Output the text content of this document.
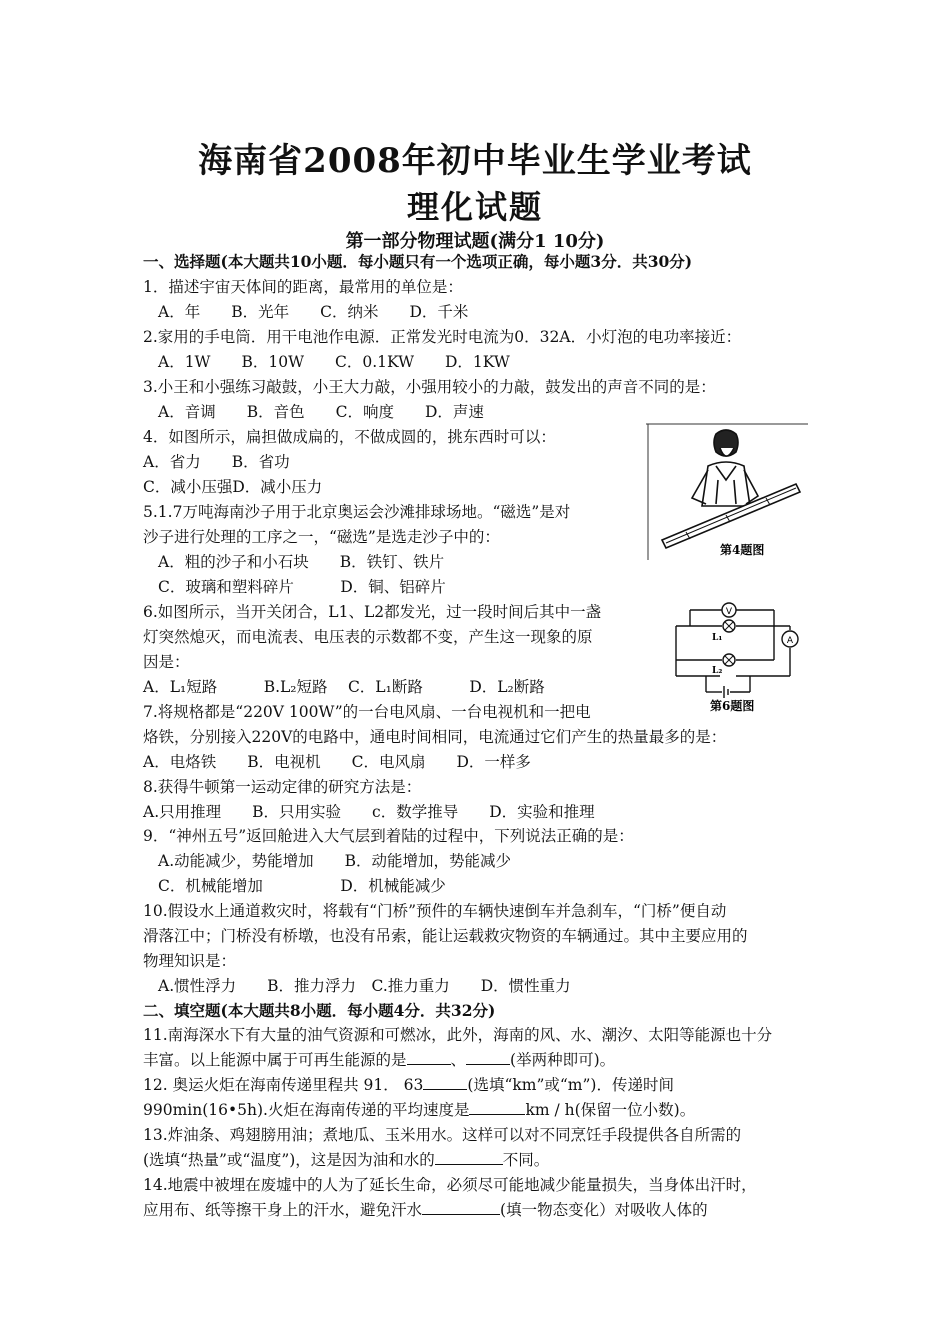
海南省2008年初中毕业生学业考试
理化试题
第一部分物理试题(满分1 10分)
一、选择题(本大题共10小题．每小题只有一个选项正确，每小题3分．共30分)
1．描述宇宙天体间的距离，最常用的单位是：
A．年　　B．光年　　C．纳米　　D．千米
2.家用的手电筒．用干电池作电源．正常发光时电流为0．32A．小灯泡的电功率接近：
A．1W　　B．10W　　C．0.1KW　　D．1KW
3.小王和小强练习敲鼓，小王大力敲，小强用较小的力敲，鼓发出的声音不同的是：
A．音调　　B．音色　　C．响度　　D．声速
4．如图所示，扁担做成扁的，不做成圆的，挑东西时可以：
A．省力　　B．省功
C．减小压强D．减小压力
5.1.7万吨海南沙子用于北京奥运会沙滩排球场地。“磁选”是对
沙子进行处理的工序之一，“磁选”是选走沙子中的：
A．粗的沙子和小石块　　B．铁钉、铁片
C．玻璃和塑料碎片　　　D．铜、铝碎片
6.如图所示，当开关闭合，L1、L2都发光，过一段时间后其中一盏
灯突然熄灭，而电流表、电压表的示数都不变，产生这一现象的原
因是：
A．L₁短路　　　B.L₂短路　 C．L₁断路　　　D．L₂断路
7.将规格都是“220V 100W”的一台电风扇、一台电视机和一把电
烙铁，分别接入220V的电路中，通电时间相同，电流通过它们产生的热量最多的是：
A．电烙铁　　B．电视机　　C．电风扇　　D．一样多
8.获得牛顿第一运动定律的研究方法是：
A.只用推理　　B．只用实验　　c．数学推导　　D．实验和推理
9．“神州五号”返回舱进入大气层到着陆的过程中，下列说法正确的是：
A.动能减少，势能增加　　B．动能增加，势能减少
C．机械能增加　　　　　D．机械能减少
10.假设水上通道救灾时，将载有“门桥”预件的车辆快速倒车并急刹车，“门桥”便自动
滑落江中；门桥没有桥墩，也没有吊索，能让运载救灾物资的车辆通过。其中主要应用的
物理知识是：
A.惯性浮力　　B．推力浮力　C.推力重力　　D．惯性重力
二、填空题(本大题共8小题．每小题4分．共32分)
11.南海深水下有大量的油气资源和可燃冰，此外，海南的风、水、潮汐、太阳等能源也十分
丰富。以上能源中属于可再生能源的是	、	(举两种即可)。
12. 奥运火炬在海南传递里程共 91． 63	(选填“km”或“m”)．传递时间
990min(16•5h).火炬在海南传递的平均速度是	km / h(保留一位小数)。
13.炸油条、鸡翅膀用油；煮地瓜、玉米用水。这样可以对不同烹饪手段提供各自所需的
(选填“热量”或“温度”)，这是因为油和水的	不同。
14.地震中被埋在废墟中的人为了延长生命，必须尽可能地减少能量损失，当身体出汗时，
应用布、纸等擦干身上的汗水，避免汗水	(填一物态变化）对吸收人体的
第4题图
V
L₁	A
L₂
第6题图
